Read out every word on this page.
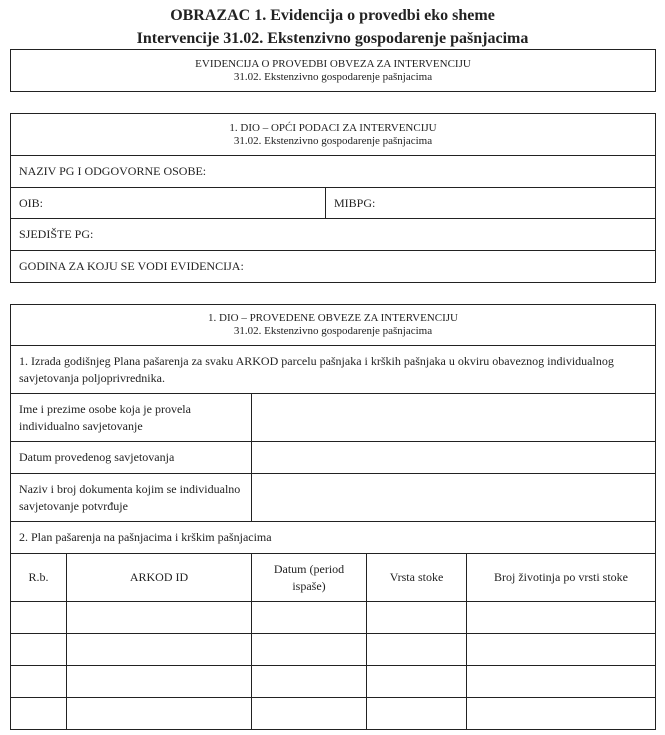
OBRAZAC 1. Evidencija o provedbi eko sheme
Intervencije 31.02. Ekstenzivno gospodarenje pašnjacima
EVIDENCIJA O PROVEDBI OBVEZA ZA INTERVENCIJU
31.02. Ekstenzivno gospodarenje pašnjacima
1. DIO – OPĆI PODACI ZA INTERVENCIJU
31.02. Ekstenzivno gospodarenje pašnjacima
NAZIV PG I ODGOVORNE OSOBE:
OIB:	MIBPG:
SJEDIŠTE PG:
GODINA ZA KOJU SE VODI EVIDENCIJA:
1. DIO – PROVEDENE OBVEZE ZA INTERVENCIJU
31.02. Ekstenzivno gospodarenje pašnjacima				
1. Izrada godišnjeg Plana pašarenja za svaku ARKOD parcelu pašnjaka i krških pašnjaka u okviru obaveznog individualnog savjetovanja poljoprivrednika.				
Ime i prezime osobe koja je provela individualno savjetovanje				
Datum provedenog savjetovanja				
Naziv i broj dokumenta kojim se individualno savjetovanje potvrđuje				
2. Plan pašarenja na pašnjacima i krškim pašnjacima				
R.b.	ARKOD ID	Datum (period ispaše)	Vrsta stoke	Broj životinja po vrsti stoke
